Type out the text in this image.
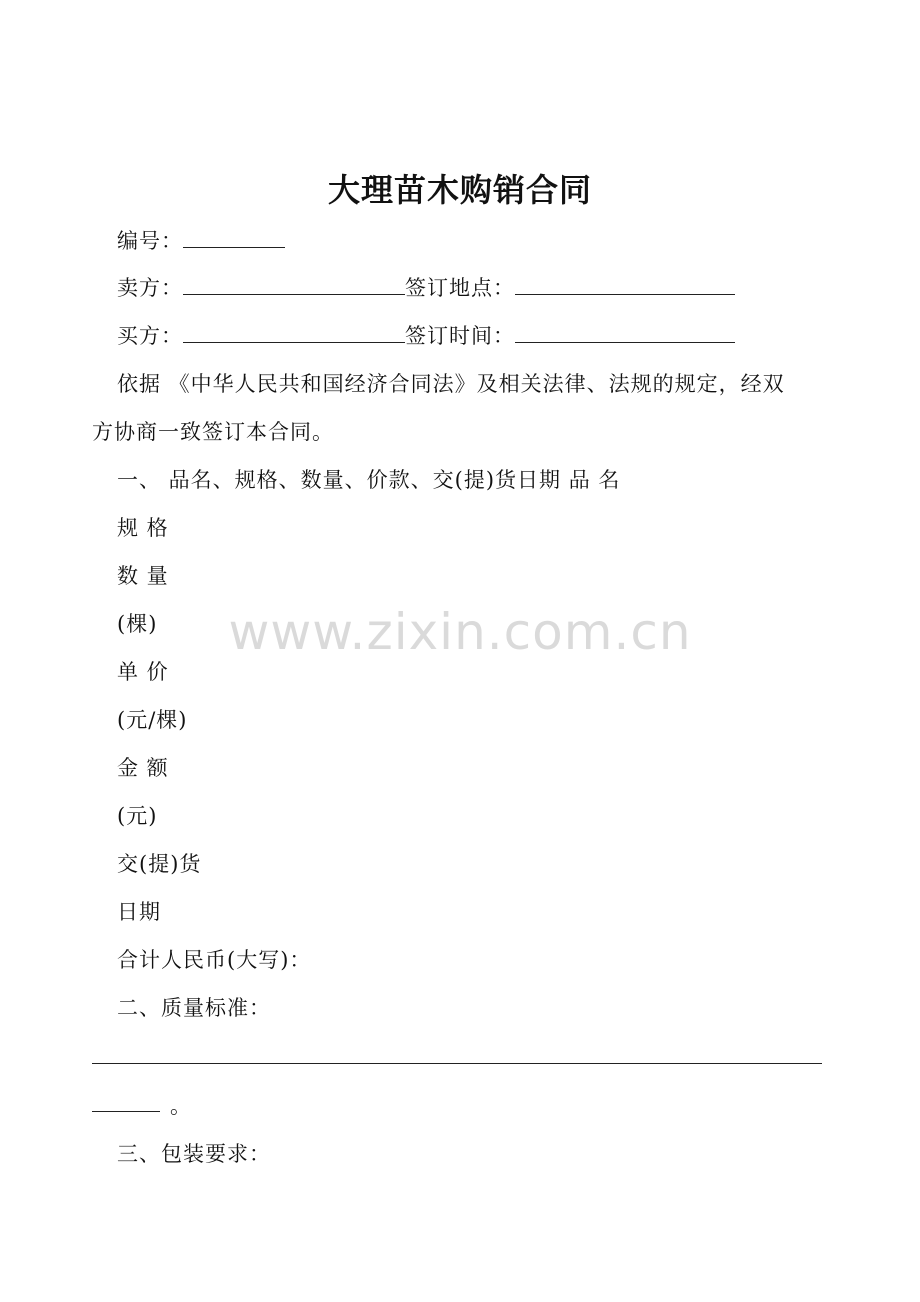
大理苗木购销合同
编号：
卖方：	签订地点：
买方：	签订时间：
依据 《中华人民共和国经济合同法》及相关法律、法规的规定，经双
方协商一致签订本合同。
一、 品名、规格、数量、价款、交(提)货日期 品 名
规 格
数 量
(棵)
单 价
(元/棵)
金 额
(元)
交(提)货
日期
合计人民币(大写)：
二、质量标准：
。
三、包装要求：
www.zixin.com.cn
